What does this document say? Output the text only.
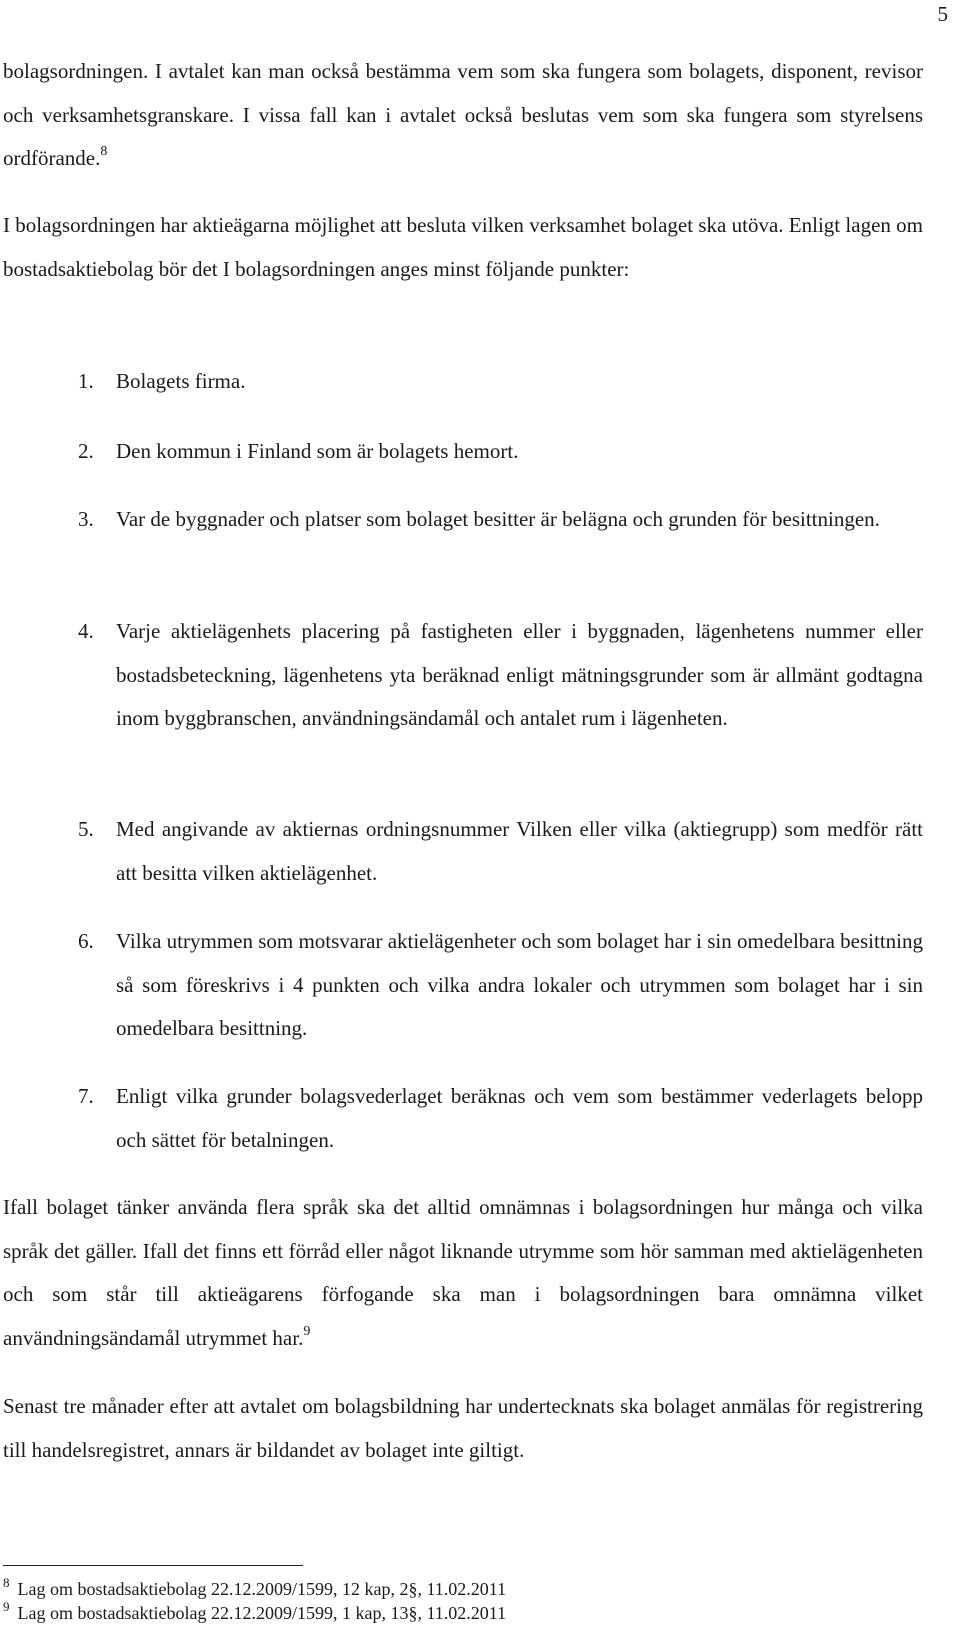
5

bolagsordningen. I avtalet kan man också bestämma vem som ska fungera som bolagets, disponent, revisor och verksamhetsgranskare. I vissa fall kan i avtalet också beslutas vem som ska fungera som styrelsens ordförande.$^8$

I bolagsordningen har aktieägarna möjlighet att besluta vilken verksamhet bolaget ska utöva. Enligt lagen om bostadsaktiebolag bör det I bolagsordningen anges minst följande punkter:

1.	Bolagets firma.
2.	Den kommun i Finland som är bolagets hemort.
3.	Var de byggnader och platser som bolaget besitter är belägna och grunden för besittningen.
4.	Varje aktielägenhets placering på fastigheten eller i byggnaden, lägenhetens nummer eller bostadsbeteckning, lägenhetens yta beräknad enligt mätningsgrunder som är allmänt godtagna inom byggbranschen, användningsändamål och antalet rum i lägenheten.
5.	Med angivande av aktiernas ordningsnummer Vilken eller vilka (aktiegrupp) som medför rätt att besitta vilken aktielägenhet.
6.	Vilka utrymmen som motsvarar aktielägenheter och som bolaget har i sin omedelbara besittning så som föreskrivs i 4 punkten och vilka andra lokaler och utrymmen som bolaget har i sin omedelbara besittning.
7.	Enligt vilka grunder bolagsvederlaget beräknas och vem som bestämmer vederlagets belopp och sättet för betalningen.

Ifall bolaget tänker använda flera språk ska det alltid omnämnas i bolagsordningen hur många och vilka språk det gäller. Ifall det finns ett förråd eller något liknande utrymme som hör samman med aktielägenheten och som står till aktieägarens förfogande ska man i bolagsordningen bara omnämna vilket användningsändamål utrymmet har.$^9$

Senast tre månader efter att avtalet om bolagsbildning har undertecknats ska bolaget anmälas för registrering till handelsregistret, annars är bildandet av bolaget inte giltigt.

$^8$ Lag om bostadsaktiebolag 22.12.2009/1599, 12 kap, 2§, 11.02.2011

$^9$ Lag om bostadsaktiebolag 22.12.2009/1599, 1 kap, 13§, 11.02.2011
